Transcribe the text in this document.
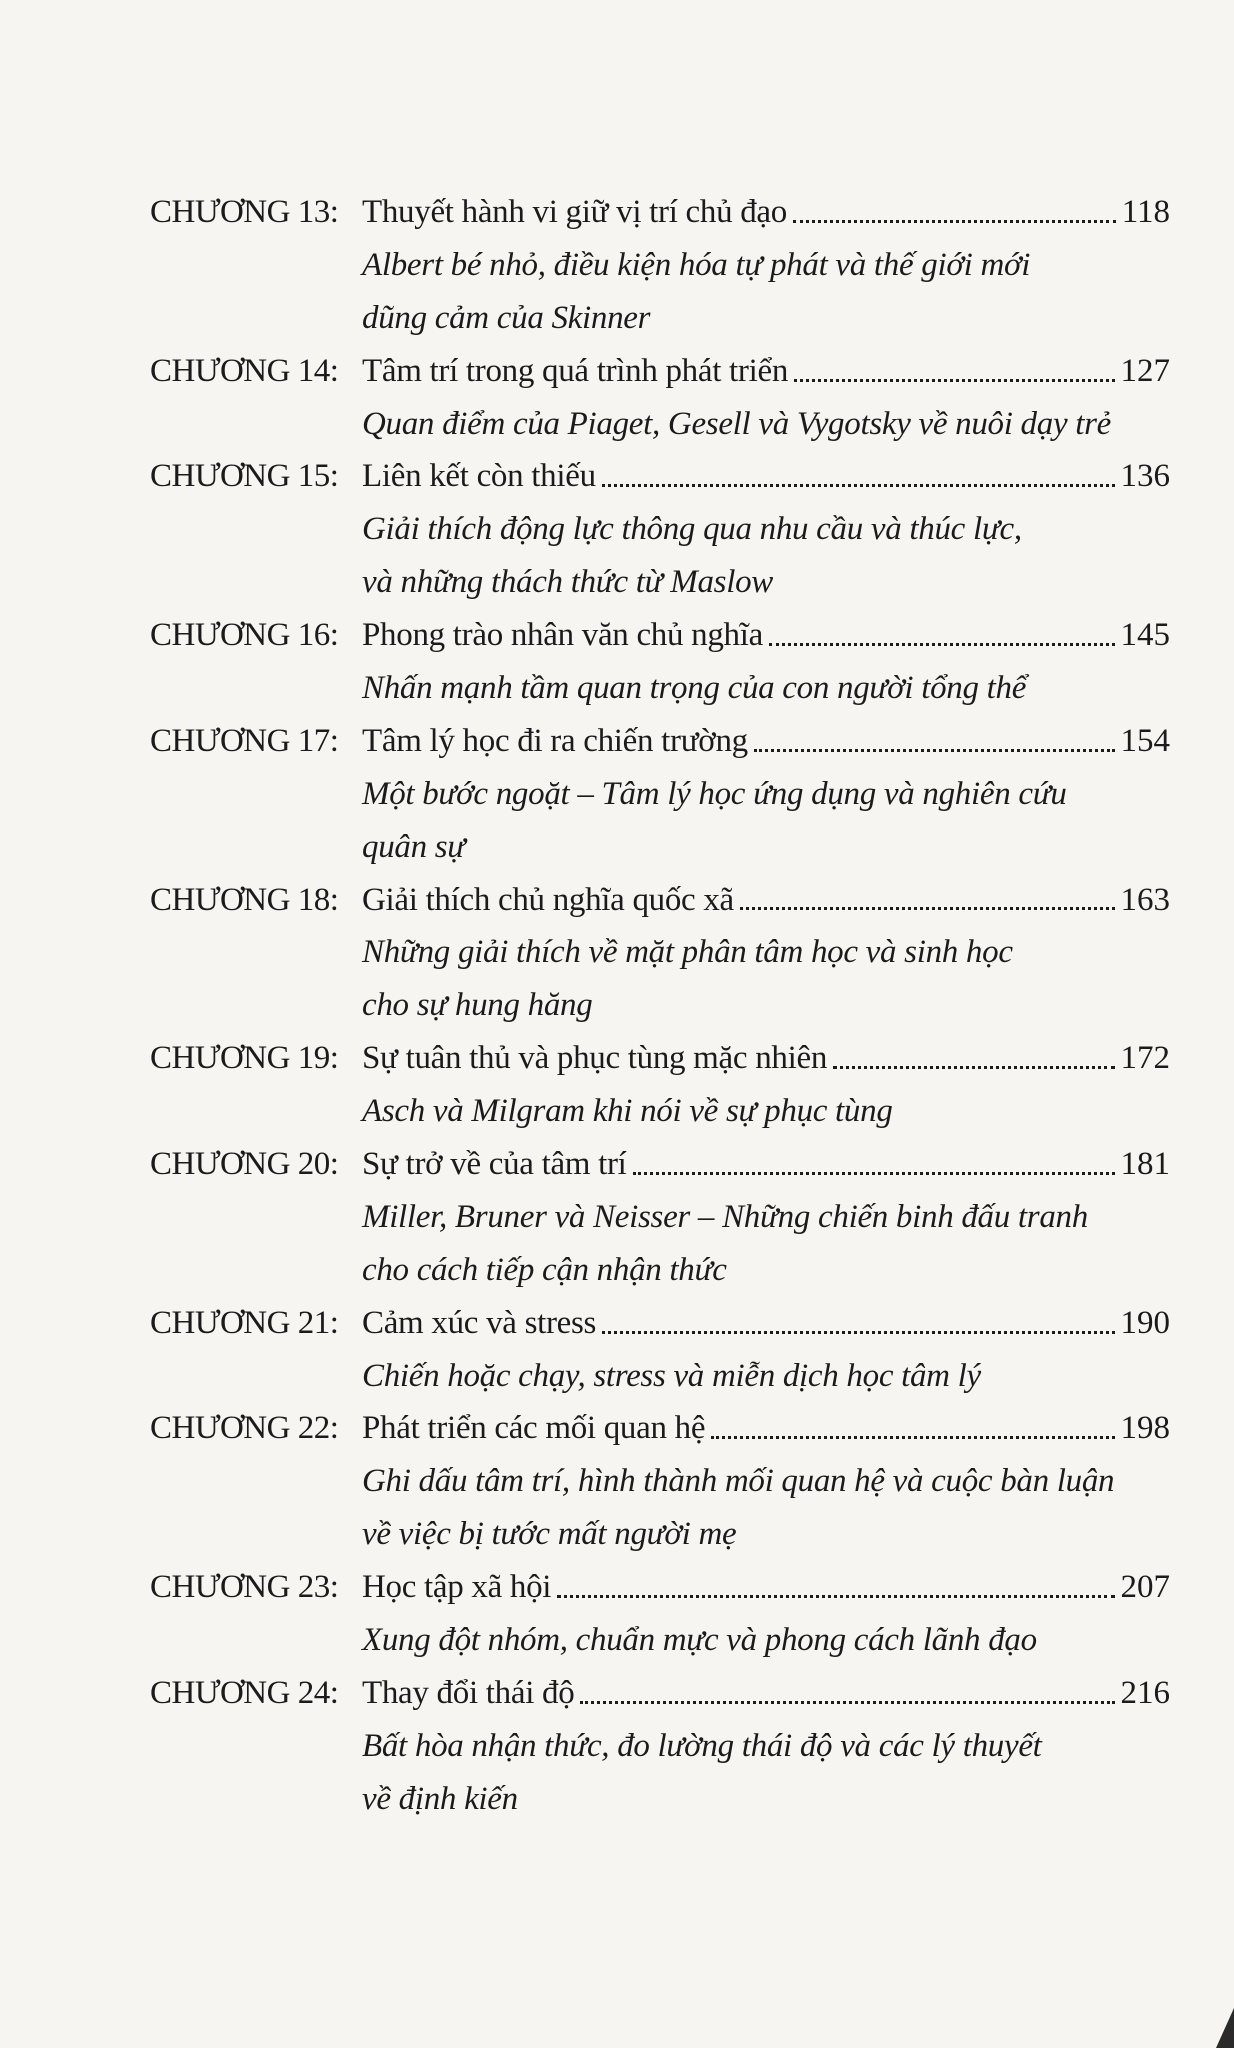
CHƯƠNG 13: Thuyết hành vi giữ vị trí chủ đạo	118
Albert bé nhỏ, điều kiện hóa tự phát và thế giới mới
dũng cảm của Skinner
CHƯƠNG 14: Tâm trí trong quá trình phát triển	127
Quan điểm của Piaget, Gesell và Vygotsky về nuôi dạy trẻ
CHƯƠNG 15: Liên kết còn thiếu	136
Giải thích động lực thông qua nhu cầu và thúc lực,
và những thách thức từ Maslow
CHƯƠNG 16: Phong trào nhân văn chủ nghĩa	145
Nhấn mạnh tầm quan trọng của con người tổng thể
CHƯƠNG 17: Tâm lý học đi ra chiến trường	154
Một bước ngoặt – Tâm lý học ứng dụng và nghiên cứu
quân sự
CHƯƠNG 18: Giải thích chủ nghĩa quốc xã	163
Những giải thích về mặt phân tâm học và sinh học
cho sự hung hăng
CHƯƠNG 19: Sự tuân thủ và phục tùng mặc nhiên	172
Asch và Milgram khi nói về sự phục tùng
CHƯƠNG 20: Sự trở về của tâm trí	181
Miller, Bruner và Neisser – Những chiến binh đấu tranh
cho cách tiếp cận nhận thức
CHƯƠNG 21: Cảm xúc và stress	190
Chiến hoặc chạy, stress và miễn dịch học tâm lý
CHƯƠNG 22: Phát triển các mối quan hệ	198
Ghi dấu tâm trí, hình thành mối quan hệ và cuộc bàn luận
về việc bị tước mất người mẹ
CHƯƠNG 23: Học tập xã hội	207
Xung đột nhóm, chuẩn mực và phong cách lãnh đạo
CHƯƠNG 24: Thay đổi thái độ	216
Bất hòa nhận thức, đo lường thái độ và các lý thuyết
về định kiến
